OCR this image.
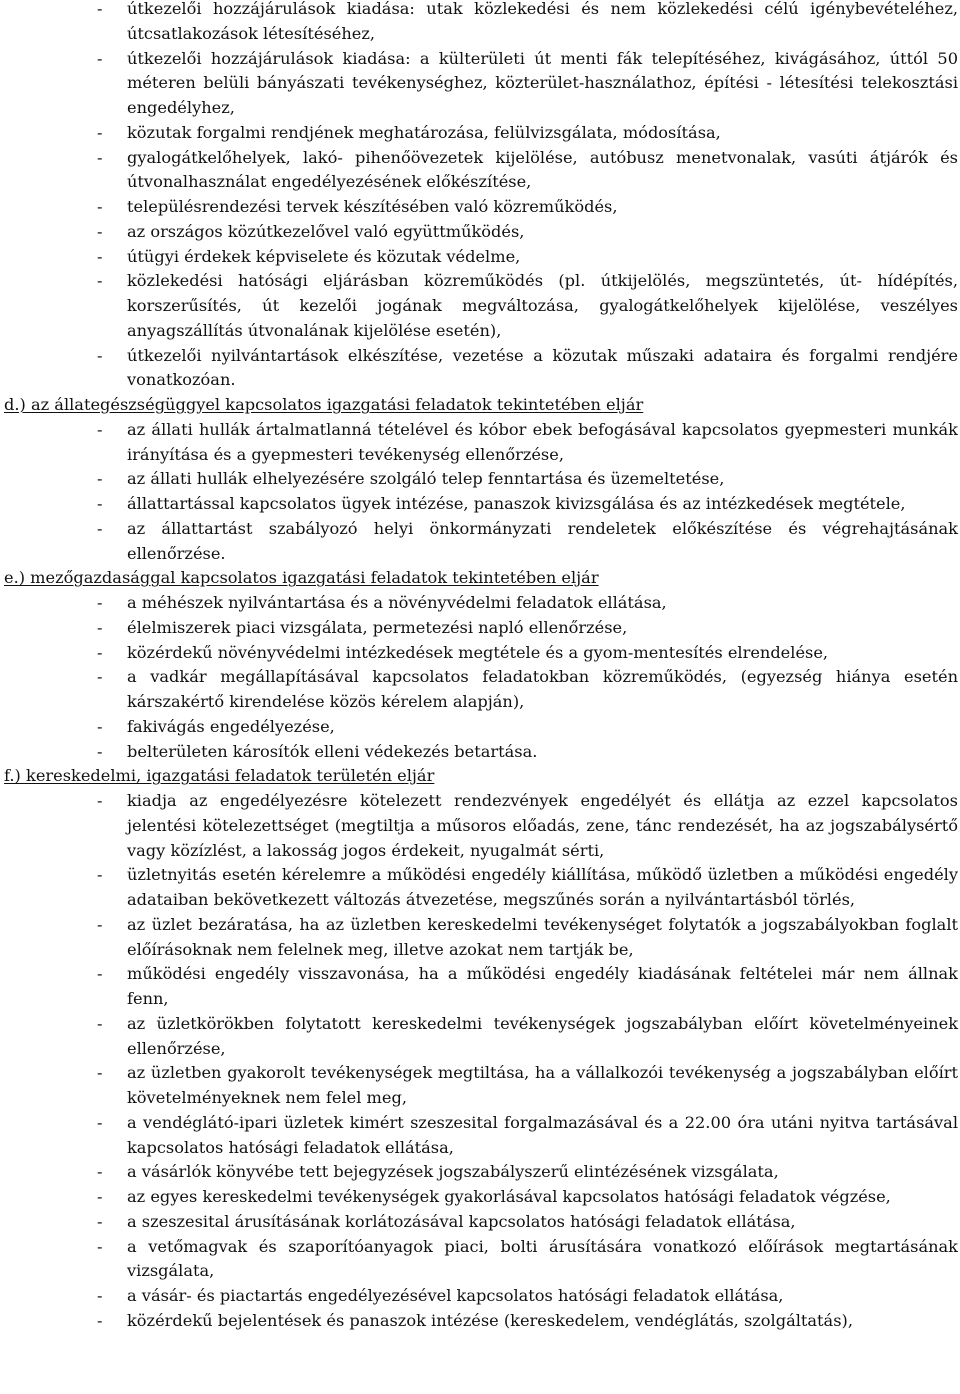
-	útkezelői hozzájárulások kiadása: utak közlekedési és nem közlekedési célú igénybevételéhez, útcsatlakozások létesítéséhez,
-	útkezelői hozzájárulások kiadása: a külterületi út menti fák telepítéséhez, kivágásához, úttól 50 méteren belüli bányászati tevékenységhez, közterület-használathoz, építési - létesítési telekosztási engedélyhez,
-	közutak forgalmi rendjének meghatározása, felülvizsgálata, módosítása,
-	gyalogátkelőhelyek, lakó- pihenőövezetek kijelölése, autóbusz menetvonalak, vasúti átjárók és útvonalhasználat engedélyezésének előkészítése,
-	településrendezési tervek készítésében való közreműködés,
-	az országos közútkezelővel való együttműködés,
-	útügyi érdekek képviselete és közutak védelme,
-	közlekedési hatósági eljárásban közreműködés (pl. útkijelölés, megszüntetés, út- hídépítés, korszerűsítés, út kezelői jogának megváltozása, gyalogátkelőhelyek kijelölése, veszélyes anyagszállítás útvonalának kijelölése esetén),
-	útkezelői nyilvántartások elkészítése, vezetése a közutak műszaki adataira és forgalmi rendjére vonatkozóan.
d.) az állategészségüggyel kapcsolatos igazgatási feladatok tekintetében eljár
-	az állati hullák ártalmatlanná tételével és kóbor ebek befogásával kapcsolatos gyepmesteri munkák irányítása és a gyepmesteri tevékenység ellenőrzése,
-	az állati hullák elhelyezésére szolgáló telep fenntartása és üzemeltetése,
-	állattartással kapcsolatos ügyek intézése, panaszok kivizsgálása és az intézkedések megtétele,
-	az állattartást szabályozó helyi önkormányzati rendeletek előkészítése és végrehajtásának ellenőrzése.
e.) mezőgazdasággal kapcsolatos igazgatási feladatok tekintetében eljár
-	a méhészek nyilvántartása és a növényvédelmi feladatok ellátása,
-	élelmiszerek piaci vizsgálata, permetezési napló ellenőrzése,
-	közérdekű növényvédelmi intézkedések megtétele és a gyom-mentesítés elrendelése,
-	a vadkár megállapításával kapcsolatos feladatokban közreműködés, (egyezség hiánya esetén kárszakértő kirendelése közös kérelem alapján),
-	fakivágás engedélyezése,
-	belterületen károsítók elleni védekezés betartása.
f.) kereskedelmi, igazgatási feladatok területén eljár
-	kiadja az engedélyezésre kötelezett rendezvények engedélyét és ellátja az ezzel kapcsolatos jelentési kötelezettséget (megtiltja a műsoros előadás, zene, tánc rendezését, ha az jogszabálysértő vagy közízlést, a lakosság jogos érdekeit, nyugalmát sérti,
-	üzletnyitás esetén kérelemre a működési engedély kiállítása, működő üzletben a működési engedély adataiban bekövetkezett változás átvezetése, megszűnés során a nyilvántartásból törlés,
-	az üzlet bezáratása, ha az üzletben kereskedelmi tevékenységet folytatók a jogszabályokban foglalt előírásoknak nem felelnek meg, illetve azokat nem tartják be,
-	működési engedély visszavonása, ha a működési engedély kiadásának feltételei már nem állnak fenn,
-	az üzletkörökben folytatott kereskedelmi tevékenységek jogszabályban előírt követelményeinek ellenőrzése,
-	az üzletben gyakorolt tevékenységek megtiltása, ha a vállalkozói tevékenység a jogszabályban előírt követelményeknek nem felel meg,
-	a vendéglátó-ipari üzletek kimért szeszesital forgalmazásával és a 22.00 óra utáni nyitva tartásával kapcsolatos hatósági feladatok ellátása,
-	a vásárlók könyvébe tett bejegyzések jogszabályszerű elintézésének vizsgálata,
-	az egyes kereskedelmi tevékenységek gyakorlásával kapcsolatos hatósági feladatok végzése,
-	a szeszesital árusításának korlátozásával kapcsolatos hatósági feladatok ellátása,
-	a vetőmagvak és szaporítóanyagok piaci, bolti árusítására vonatkozó előírások megtartásának vizsgálata,
-	a vásár- és piactartás engedélyezésével kapcsolatos hatósági feladatok ellátása,
-	közérdekű bejelentések és panaszok intézése (kereskedelem, vendéglátás, szolgáltatás),
